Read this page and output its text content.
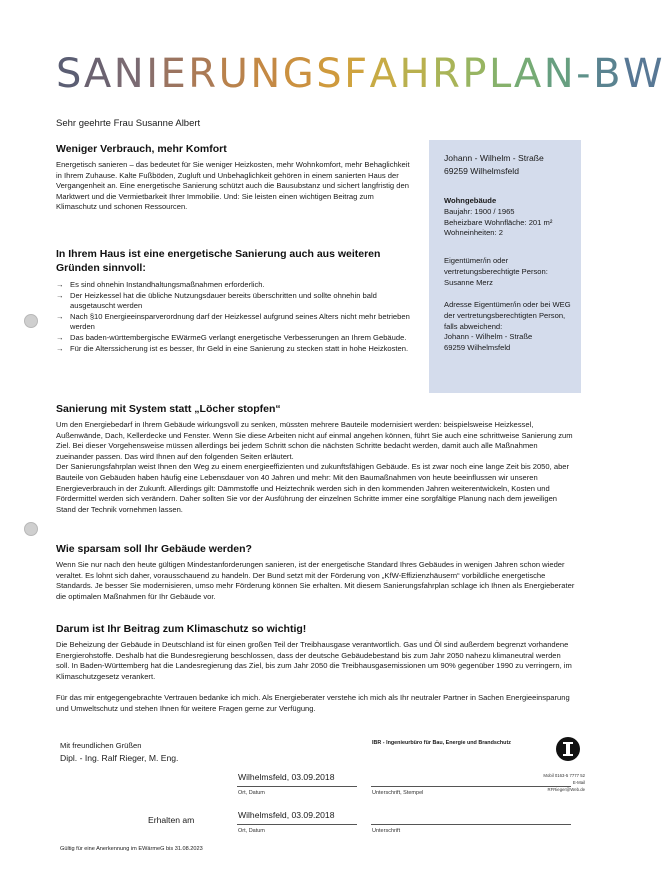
SANIERUNGSFAHRPLAN-BW
Sehr geehrte Frau Susanne Albert
Weniger Verbrauch, mehr Komfort

Energetisch sanieren – das bedeutet für Sie weniger Heizkosten, mehr Wohnkomfort, mehr Behaglichkeit in Ihrem Zuhause. Kalte Fußböden, Zugluft und Unbehaglichkeit gehören in einem sanierten Haus der Vergangenheit an. Eine energetische Sanierung schützt auch die Bausubstanz und sichert langfristig den Marktwert und die Vermietbarkeit Ihrer Immobilie. Und: Sie leisten einen wichtigen Beitrag zum Klimaschutz und schonen Ressourcen.

In Ihrem Haus ist eine energetische Sanierung auch aus weiteren Gründen sinnvoll:
→ Es sind ohnehin Instandhaltungsmaßnahmen erforderlich.
→ Der Heizkessel hat die übliche Nutzungsdauer bereits überschritten und sollte ohnehin bald ausgetauscht werden
→ Nach §10 Energieeinsparverordnung darf der Heizkessel aufgrund seines Alters nicht mehr betrieben werden
→ Das baden-württembergische EWärmeG verlangt energetische Verbesserungen an Ihrem Gebäude.
→ Für die Alterssicherung ist es besser, Ihr Geld in eine Sanierung zu stecken statt in hohe Heizkosten.
Johann - Wilhelm - Straße
69259 Wilhelmsfeld
Wohngebäude
Baujahr: 1900 / 1965
Beheizbare Wohnfläche: 201 m²
Wohneinheiten: 2
Eigentümer/in oder vertretungsberechtigte Person:
Susanne Merz
Adresse Eigentümer/in oder bei WEG der vertretungsberechtigten Person, falls abweichend:
Johann - Wilhelm - Straße
69259 Wilhelmsfeld
Sanierung mit System statt „Löcher stopfen“

Um den Energiebedarf in Ihrem Gebäude wirkungsvoll zu senken, müssten mehrere Bauteile modernisiert werden: beispielsweise Heizkessel, Außenwände, Dach, Kellerdecke und Fenster. Wenn Sie diese Arbeiten nicht auf einmal angehen können, führt Sie auch eine schrittweise Sanierung zum Ziel. Bei dieser Vorgehensweise müssen allerdings bei jedem Schritt schon die nächsten Schritte bedacht werden, damit auch alle Maßnahmen zueinander passen. Das wird Ihnen auf den folgenden Seiten erläutert.

Der Sanierungsfahrplan weist Ihnen den Weg zu einem energieeffizienten und zukunftsfähigen Gebäude. Es ist zwar noch eine lange Zeit bis 2050, aber Bauteile von Gebäuden haben häufig eine Lebensdauer von 40 Jahren und mehr: Mit den Baumaßnahmen von heute beeinflussen wir unseren Energieverbrauch in der Zukunft. Allerdings gilt: Dämmstoffe und Heiztechnik werden sich in den kommenden Jahren weiterentwickeln, Kosten und Fördermittel werden sich verändern. Daher sollten Sie vor der Ausführung der einzelnen Schritte immer eine sorgfältige Planung nach dem jeweiligen Stand der Technik vornehmen lassen.

Wie sparsam soll Ihr Gebäude werden?

Wenn Sie nur nach den heute gültigen Mindestanforderungen sanieren, ist der energetische Standard Ihres Gebäudes in wenigen Jahren schon wieder veraltet. Es lohnt sich daher, vorausschauend zu handeln. Der Bund setzt mit der Förderung von „KfW-Effizienzhäusern“ vorbildliche energetische Standards. Je besser Sie modernisieren, umso mehr Förderung können Sie erhalten. Mit diesem Sanierungsfahrplan schlage ich Ihnen als Energieberater die optimalen Maßnahmen für Ihr Gebäude vor.

Darum ist Ihr Beitrag zum Klimaschutz so wichtig!

Die Beheizung der Gebäude in Deutschland ist für einen großen Teil der Treibhausgase verantwortlich. Gas und Öl sind außerdem begrenzt vorhandene Energierohstoffe. Deshalb hat die Bundesregierung beschlossen, dass der deutsche Gebäudebestand bis zum Jahr 2050 nahezu klimaneutral werden soll. In Baden-Württemberg hat die Landesregierung das Ziel, bis zum Jahr 2050 die Treibhausgasemissionen um 90% gegenüber 1990 zu verringern, im Klimaschutzgesetz verankert.

Für das mir entgegengebrachte Vertrauen bedanke ich mich. Als Energieberater verstehe ich mich als Ihr neutraler Partner in Sachen Energieeinsparung und Umweltschutz und stehen Ihnen für weitere Fragen gerne zur Verfügung.

Mit freundlichen Grüßen
Dipl. - Ing. Ralf Rieger, M. Eng.
IBR - Ingenieurbüro für Bau, Energie und Brandschutz
Mobil 0163-5 7777 52
E-Mail RFRieger@Web.de
Wilhelmsfeld, 03.09.2018
Ort, Datum	Unterschrift, Stempel
Erhalten am	Wilhelmsfeld, 03.09.2018
Ort, Datum	Unterschrift
Gültig für eine Anerkennung im EWärmeG bis 31.08.2023
